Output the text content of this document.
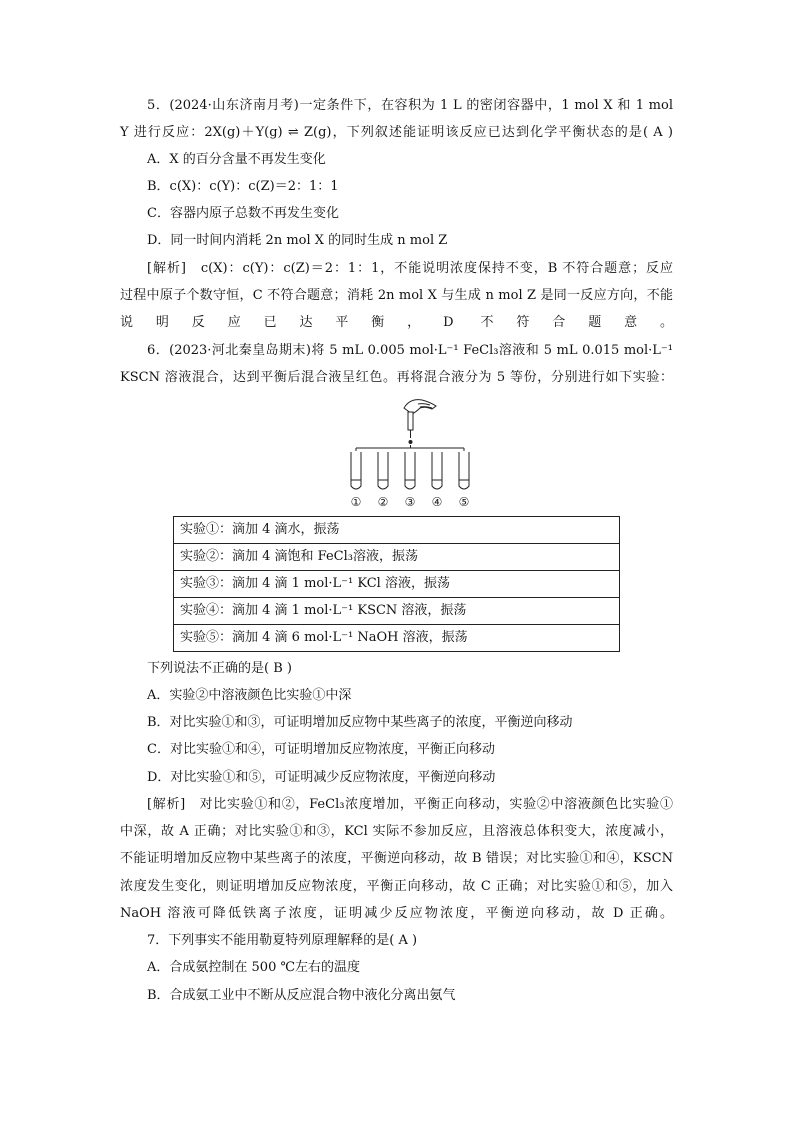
5．(2024·山东济南月考)一定条件下，在容积为 1 L 的密闭容器中，1 mol X 和 1 mol
Y 进行反应：2X(g)＋Y(g) ⇌ Z(g)，下列叙述能证明该反应已达到化学平衡状态的是( A )
A．X 的百分含量不再发生变化
B．c(X)：c(Y)：c(Z)＝2：1：1
C．容器内原子总数不再发生变化
D．同一时间内消耗 2n mol X 的同时生成 n mol Z
[解析]　c(X)：c(Y)：c(Z)＝2：1：1，不能说明浓度保持不变，B 不符合题意；反应
过程中原子个数守恒，C 不符合题意；消耗 2n mol X 与生成 n mol Z 是同一反应方向，不能
说明反应已达平衡，D 不符合题意。
6．(2023·河北秦皇岛期末)将 5 mL 0.005 mol·L⁻¹ FeCl₃溶液和 5 mL 0.015 mol·L⁻¹
KSCN 溶液混合，达到平衡后混合液呈红色。再将混合液分为 5 等份，分别进行如下实验：
① ② ③ ④ ⑤
实验①：滴加 4 滴水，振荡
实验②：滴加 4 滴饱和 FeCl₃溶液，振荡
实验③：滴加 4 滴 1 mol·L⁻¹ KCl 溶液，振荡
实验④：滴加 4 滴 1 mol·L⁻¹ KSCN 溶液，振荡
实验⑤：滴加 4 滴 6 mol·L⁻¹ NaOH 溶液，振荡
下列说法不正确的是( B )
A．实验②中溶液颜色比实验①中深
B．对比实验①和③，可证明增加反应物中某些离子的浓度，平衡逆向移动
C．对比实验①和④，可证明增加反应物浓度，平衡正向移动
D．对比实验①和⑤，可证明减少反应物浓度，平衡逆向移动
[解析]　对比实验①和②，FeCl₃浓度增加，平衡正向移动，实验②中溶液颜色比实验①
中深，故 A 正确；对比实验①和③，KCl 实际不参加反应，且溶液总体积变大，浓度减小，
不能证明增加反应物中某些离子的浓度，平衡逆向移动，故 B 错误；对比实验①和④，KSCN
浓度发生变化，则证明增加反应物浓度，平衡正向移动，故 C 正确；对比实验①和⑤，加入
NaOH 溶液可降低铁离子浓度，证明减少反应物浓度，平衡逆向移动，故 D 正确。
7．下列事实不能用勒夏特列原理解释的是( A )
A．合成氨控制在 500 ℃左右的温度
B．合成氨工业中不断从反应混合物中液化分离出氨气
